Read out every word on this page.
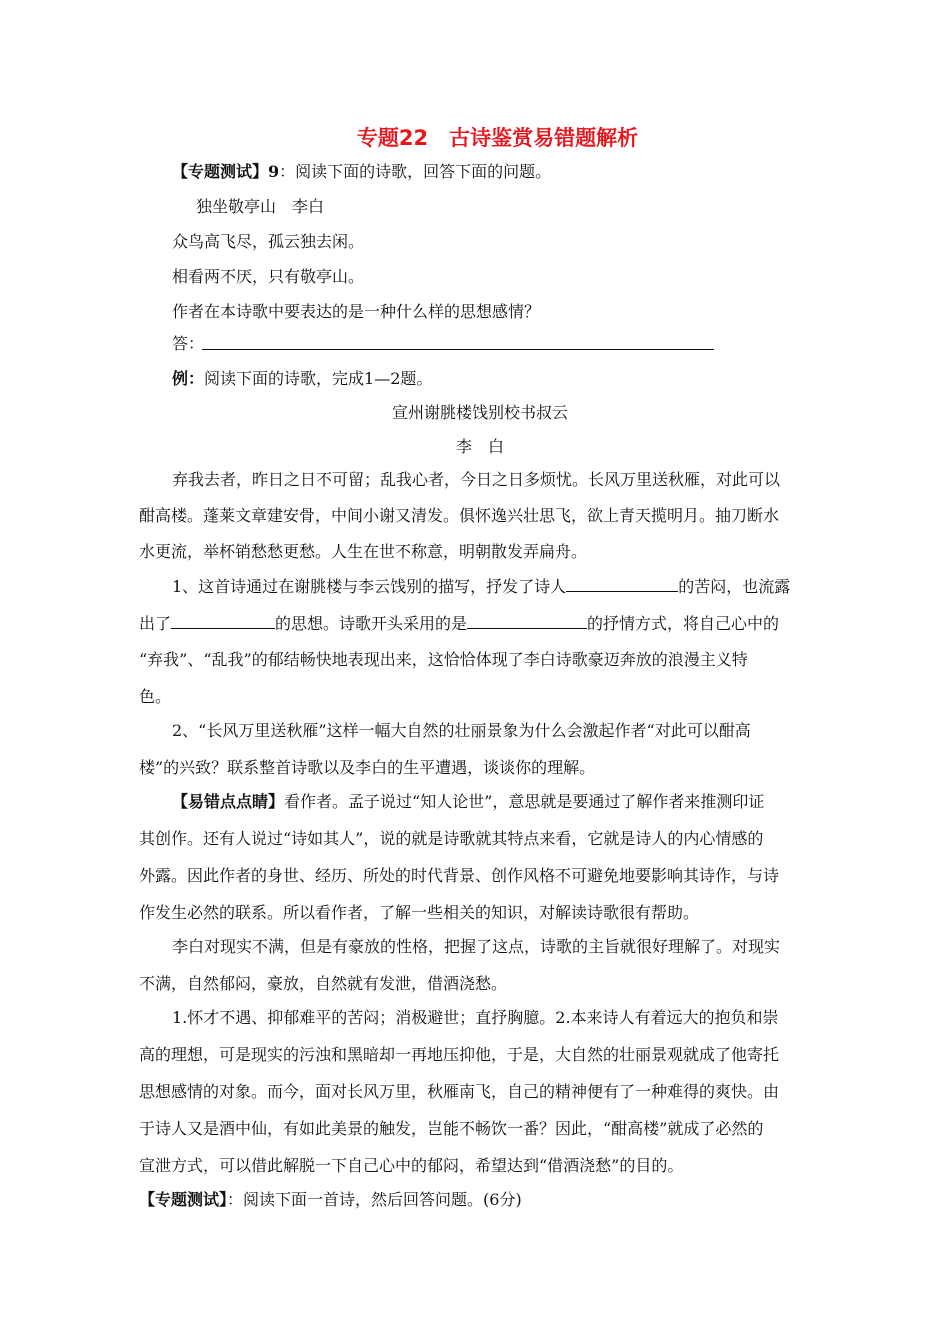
专题22　古诗鉴赏易错题解析
【专题测试】9：阅读下面的诗歌，回答下面的问题。
独坐敬亭山　李白
众鸟高飞尽，孤云独去闲。
相看两不厌，只有敬亭山。
作者在本诗歌中要表达的是一种什么样的思想感情？
答：
例：阅读下面的诗歌，完成1—2题。
宣州谢朓楼饯别校书叔云
李　白
弃我去者，昨日之日不可留；乱我心者，今日之日多烦忧。长风万里送秋雁，对此可以
酣高楼。蓬莱文章建安骨，中间小谢又清发。俱怀逸兴壮思飞，欲上青天揽明月。抽刀断水
水更流，举杯销愁愁更愁。人生在世不称意，明朝散发弄扁舟。
1、这首诗通过在谢朓楼与李云饯别的描写，抒发了诗人	的苦闷，也流露
出了	的思想。诗歌开头采用的是	的抒情方式，将自己心中的
“弃我”、“乱我”的郁结畅快地表现出来，这恰恰体现了李白诗歌豪迈奔放的浪漫主义特
色。
2、“长风万里送秋雁”这样一幅大自然的壮丽景象为什么会激起作者“对此可以酣高
楼”的兴致？联系整首诗歌以及李白的生平遭遇，谈谈你的理解。
【易错点点睛】看作者。孟子说过“知人论世”，意思就是要通过了解作者来推测印证
其创作。还有人说过“诗如其人”，说的就是诗歌就其特点来看，它就是诗人的内心情感的
外露。因此作者的身世、经历、所处的时代背景、创作风格不可避免地要影响其诗作，与诗
作发生必然的联系。所以看作者，了解一些相关的知识，对解读诗歌很有帮助。
李白对现实不满，但是有豪放的性格，把握了这点，诗歌的主旨就很好理解了。对现实
不满，自然郁闷，豪放，自然就有发泄，借酒浇愁。
1.怀才不遇、抑郁难平的苦闷；消极避世；直抒胸臆。2.本来诗人有着远大的抱负和崇
高的理想，可是现实的污浊和黑暗却一再地压抑他，于是，大自然的壮丽景观就成了他寄托
思想感情的对象。而今，面对长风万里，秋雁南飞，自己的精神便有了一种难得的爽快。由
于诗人又是酒中仙，有如此美景的触发，岂能不畅饮一番？因此，“酣高楼”就成了必然的
宣泄方式，可以借此解脱一下自己心中的郁闷，希望达到“借酒浇愁”的目的。
【专题测试】：阅读下面一首诗，然后回答问题。(6分)
